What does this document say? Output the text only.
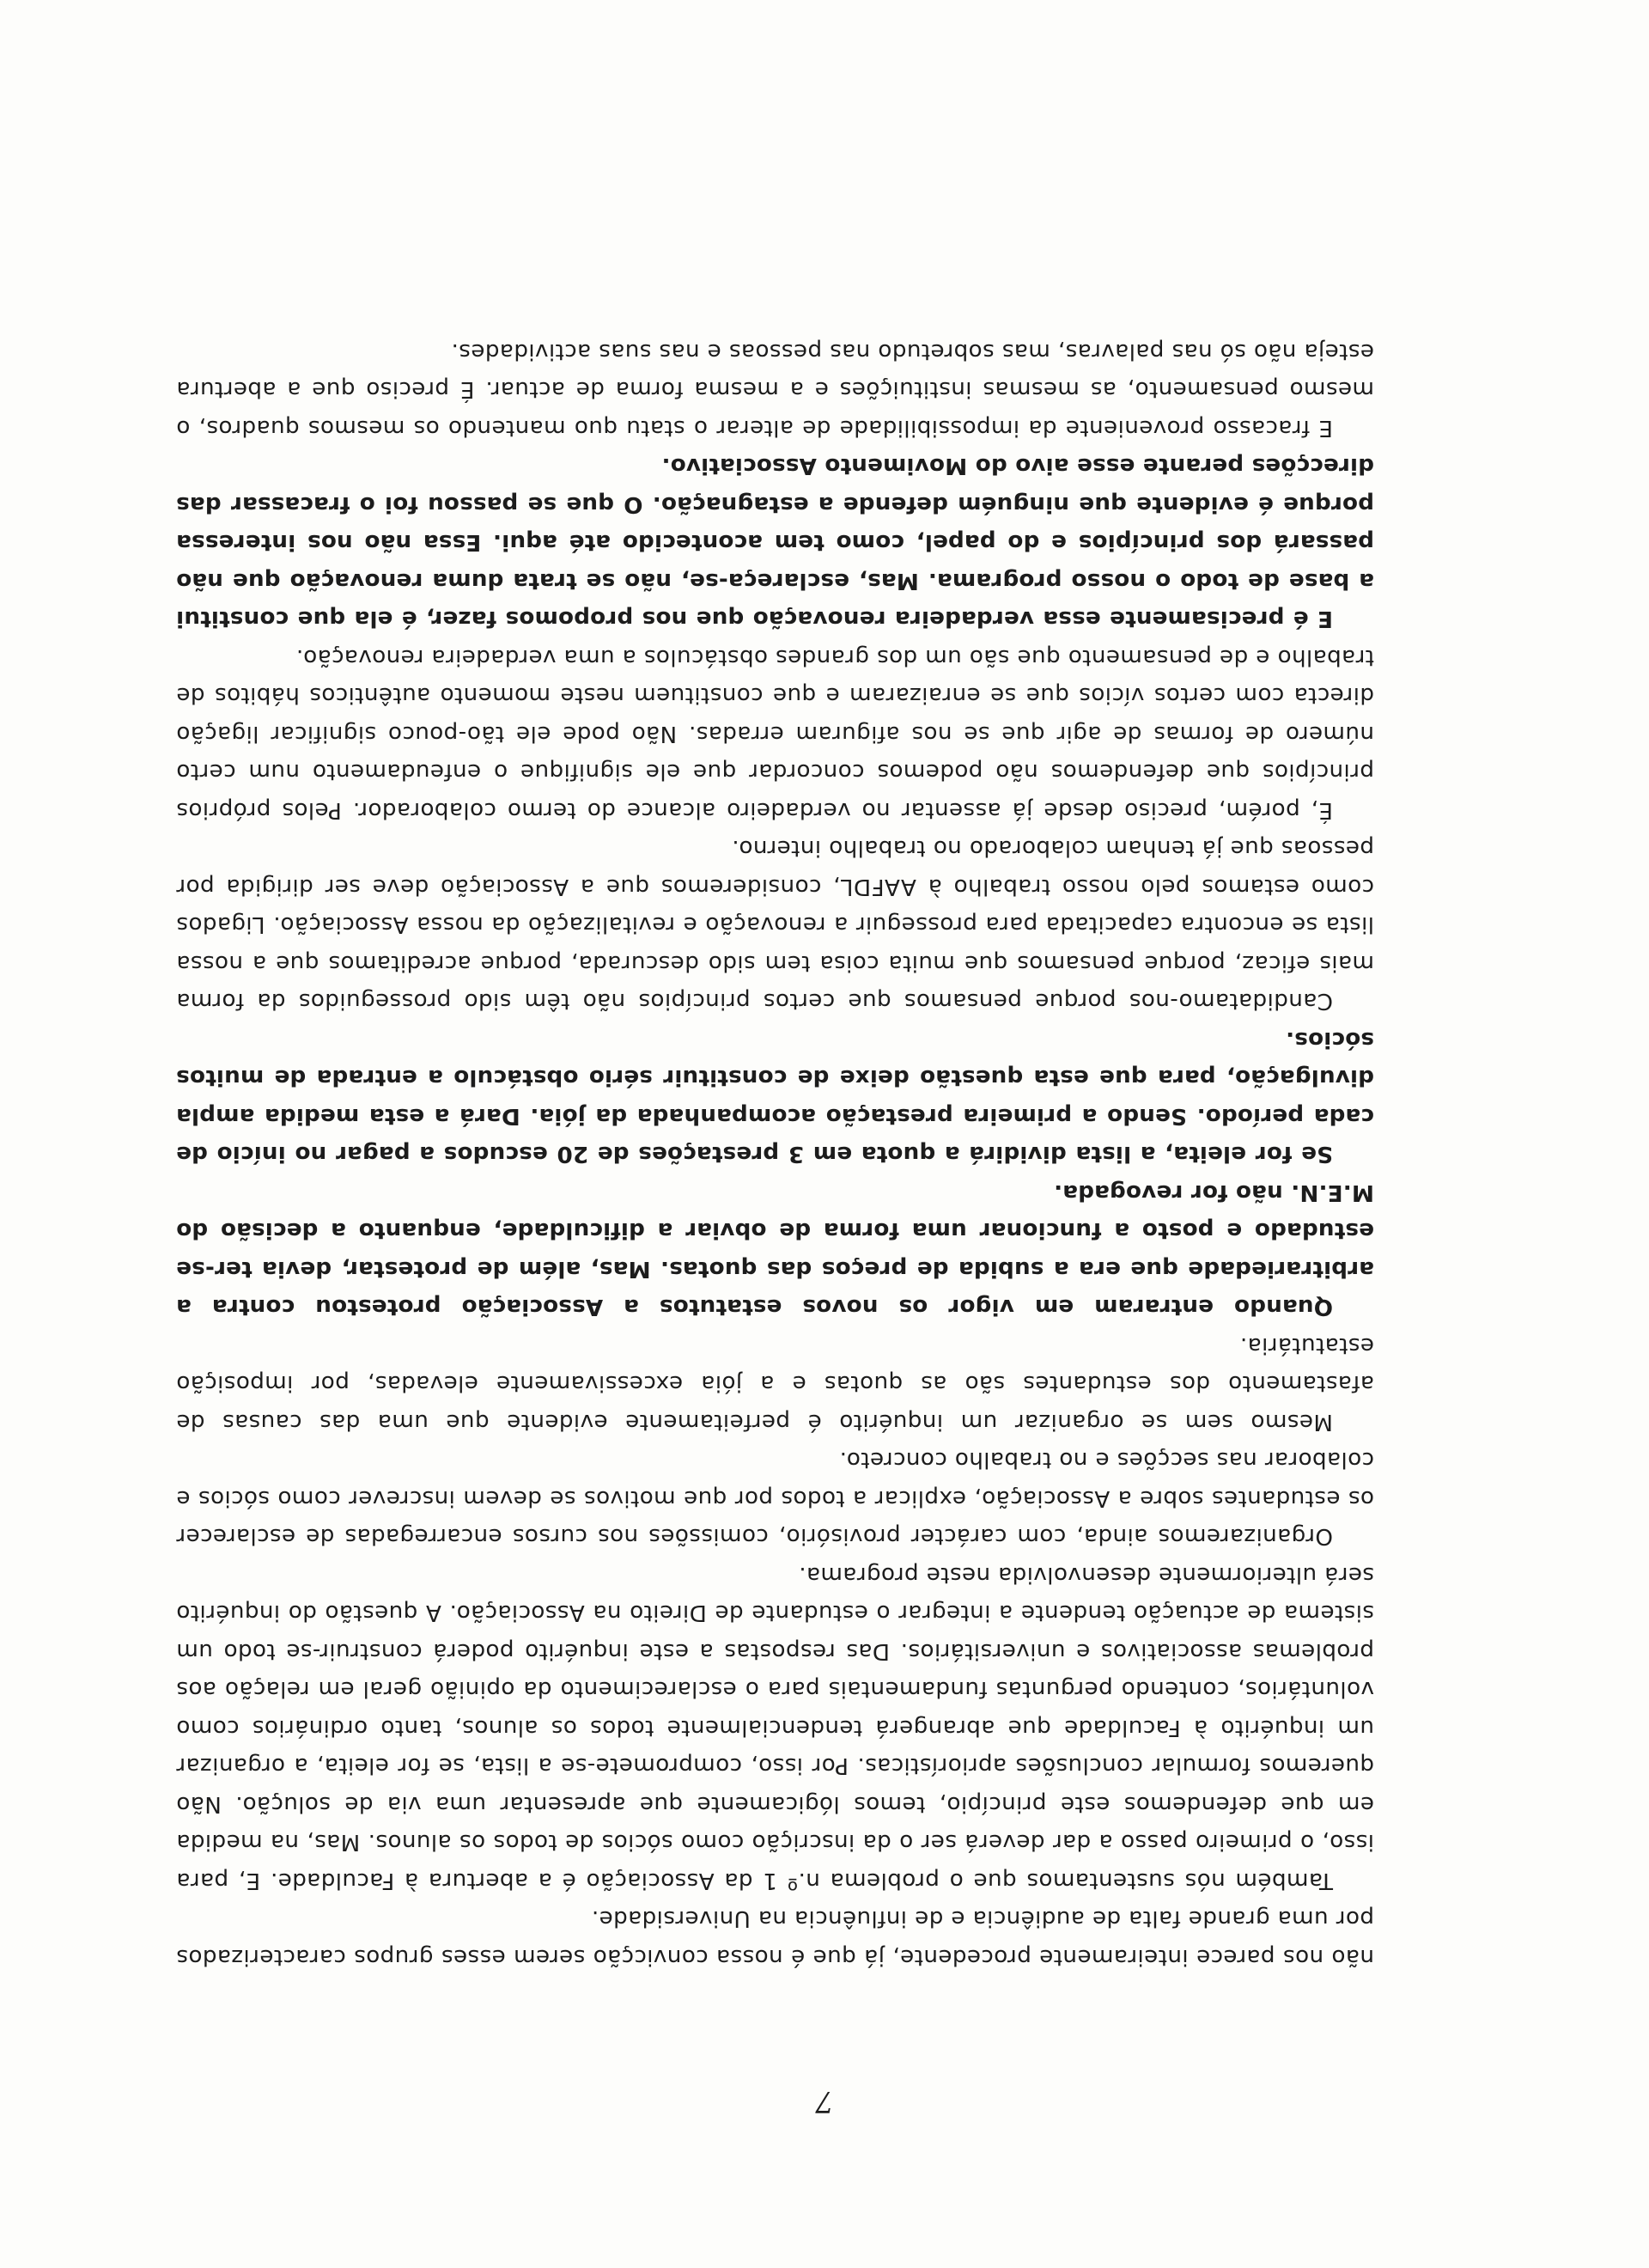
não nos parece inteiramente procedente, já que é nossa convicção serem esses grupos caracterizados por uma grande falta de audiência e de influência na Universidade.

Também nós sustentamos que o problema n.º 1 da Associação é a abertura à Faculdade. E, para isso, o primeiro passo a dar deverá ser o da inscrição como sócios de todos os alunos. Mas, na medida em que defendemos este princípio, temos lógicamente que apresentar uma via de solução. Não queremos formular conclusões apriorísticas. Por isso, compromete-se a lista, se for eleita, a organizar um inquérito à Faculdade que abrangerá tendencialmente todos os alunos, tanto ordinários como voluntários, contendo perguntas fundamentais para o esclarecimento da opinião geral em relação aos problemas associativos e universitários. Das respostas a este inquérito poderá construir-se todo um sistema de actuação tendente a integrar o estudante de Direito na Associação. A questão do inquérito será ulteriormente desenvolvida neste programa.

Organizaremos ainda, com carácter provisório, comissões nos cursos encarregadas de esclarecer os estudantes sobre a Associação, explicar a todos por que motivos se devem inscrever como sócios e colaborar nas secções e no trabalho concreto.

Mesmo sem se organizar um inquérito é perfeitamente evidente que uma das causas de afastamento dos estudantes são as quotas e a jóia excessivamente elevadas, por imposição estatutária.

Quando entraram em vigor os novos estatutos a Associação protestou contra a arbitrariedade que era a subida de preços das quotas. Mas, além de protestar, devia ter-se estudado e posto a funcionar uma forma de obviar a dificuldade, enquanto a decisão do M.E.N. não for revogada.

Se for eleita, a lista dividirá a quota em 3 prestações de 20 escudos a pagar no início de cada período. Sendo a primeira prestação acompanhada da jóia. Dará a esta medida ampla divulgação, para que esta questão deixe de constituir sério obstáculo a entrada de muitos sócios.

Candidatamo-nos porque pensamos que certos princípios não têm sido prosseguidos da forma mais eficaz, porque pensamos que muita coisa tem sido descurada, porque acreditamos que a nossa lista se encontra capacitada para prosseguir a renovação e revitalização da nossa Associação. Ligados como estamos pelo nosso trabalho à AAFDL, consideremos que a Associação deve ser dirigida por pessoas que já tenham colaborado no trabalho interno.

É, porém, preciso desde já assentar no verdadeiro alcance do termo colaborador. Pelos próprios princípios que defendemos não podemos concordar que ele signifique o enfeudamento num certo número de formas de agir que se nos afiguram erradas. Não pode ele tão-pouco significar ligação directa com certos vícios que se enraizaram e que constituem neste momento autênticos hábitos de trabalho e de pensamento que são um dos grandes obstáculos a uma verdadeira renovação.

E é precisamente essa verdadeira renovação que nos propomos fazer, é ela que constitui a base de todo o nosso programa. Mas, esclareça-se, não se trata duma renovação que não passará dos princípios e do papel, como tem acontecido até aqui. Essa não nos interessa porque é evidente que ninguém defende a estagnação. O que se passou foi o fracassar das direcções perante esse aivo do Movimento Associativo.

E fracasso proveniente da impossibilidade de alterar o statu quo mantendo os mesmos quadros, o mesmo pensamento, as mesmas instituições e a mesma forma de actuar. É preciso que a abertura esteja não só nas palavras, mas sobretudo nas pessoas e nas suas actividades.

7
